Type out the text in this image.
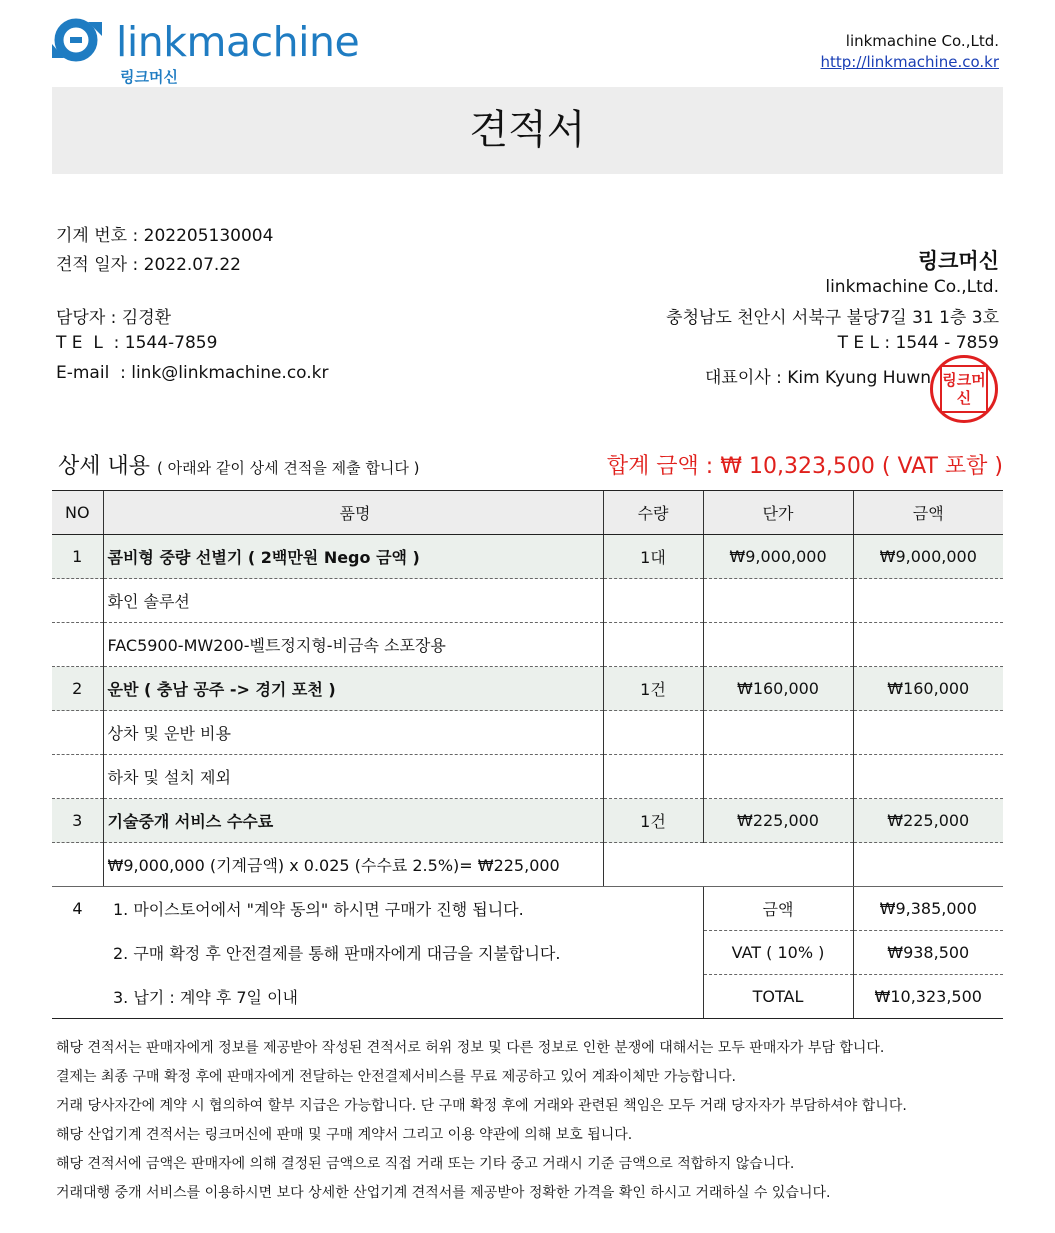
linkmachine
링크머신
linkmachine Co.,Ltd.
http://linkmachine.co.kr
견적서
기계 번호 : 202205130004
견적 일자 : 2022.07.22
담당자 : 김경환
T E  L  : 1544-7859
E-mail  : link@linkmachine.co.kr
링크머신
linkmachine Co.,Ltd.
충청남도 천안시 서북구 불당7길 31 1층 3호
T E L : 1544 - 7859
대표이사 : Kim Kyung Huwn 링크머신
상세 내용 ( 아래와 같이 상세 견적을 제출 합니다 )	합계 금액 : ₩ 10,323,500 ( VAT 포함 )
NO	품명	수량	단가	금액
1	콤비형 중량 선별기 ( 2백만원 Nego 금액 )	1대	₩9,000,000	₩9,000,000
	화인 솔루션			
	FAC5900-MW200-벨트정지형-비금속 소포장용			
2	운반 ( 충남 공주 -> 경기 포천 )	1건	₩160,000	₩160,000
	상차 및 운반 비용			
	하차 및 설치 제외			
3	기술중개 서비스 수수료	1건	₩225,000	₩225,000
	₩9,000,000 (기계금액) x 0.025 (수수료 2.5%)= ₩225,000			
4	1. 마이스토어에서 "계약 동의" 하시면 구매가 진행 됩니다.		금액	₩9,385,000
	2. 구매 확정 후 안전결제를 통해 판매자에게 대금을 지불합니다.		VAT ( 10% )	₩938,500
	3. 납기 : 계약 후 7일 이내		TOTAL	₩10,323,500
해당 견적서는 판매자에게 정보를 제공받아 작성된 견적서로 허위 정보 및 다른 정보로 인한 분쟁에 대해서는 모두 판매자가 부담 합니다.
결제는 최종 구매 확정 후에 판매자에게 전달하는 안전결제서비스를 무료 제공하고 있어 계좌이체만 가능합니다.
거래 당사자간에 계약 시 협의하여 할부 지급은 가능합니다. 단 구매 확정 후에 거래와 관련된 책임은 모두 거래 당자자가 부담하셔야 합니다.
해당 산업기계 견적서는 링크머신에 판매 및 구매 계약서 그리고 이용 약관에 의해 보호 됩니다.
해당 견적서에 금액은 판매자에 의해 결정된 금액으로 직접 거래 또는 기타 중고 거래시 기준 금액으로 적합하지 않습니다.
거래대행 중개 서비스를 이용하시면 보다 상세한 산업기계 견적서를 제공받아 정확한 가격을 확인 하시고 거래하실 수 있습니다.
